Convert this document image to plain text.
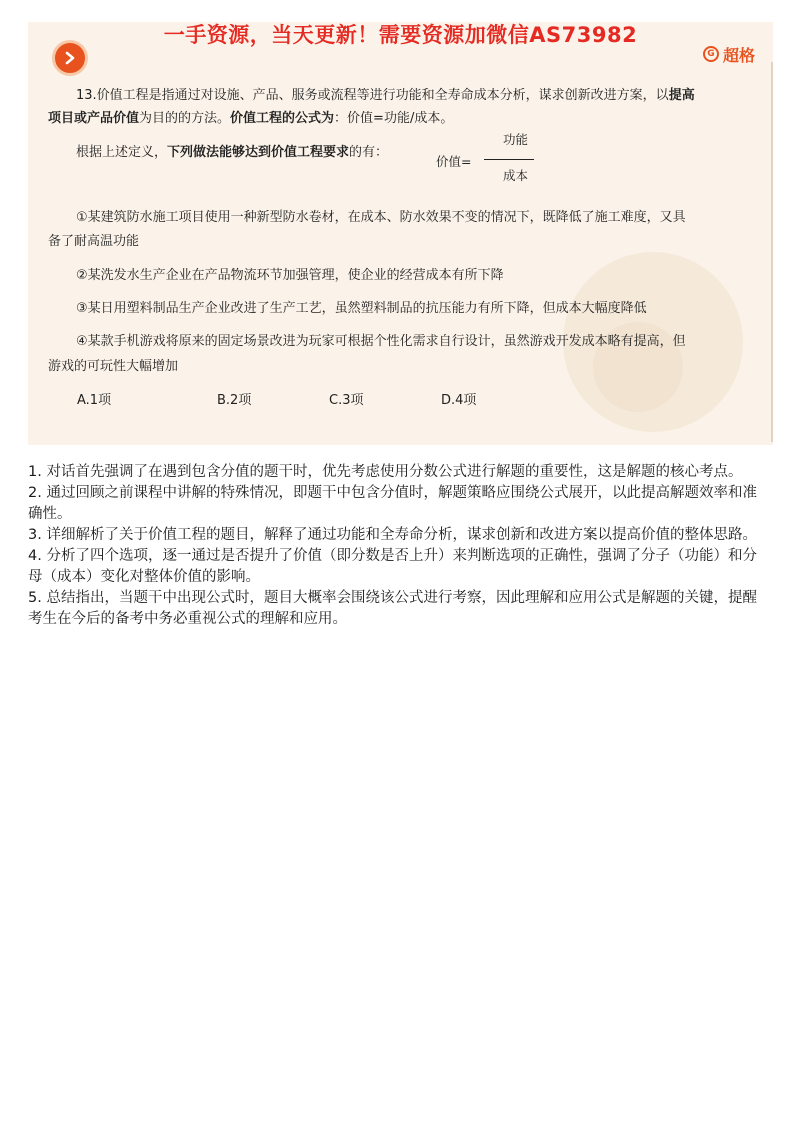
一手资源，当天更新！需要资源加微信AS73982
G 超格
13.价值工程是指通过对设施、产品、服务或流程等进行功能和全寿命成本分析，谋求创新改进方案，以提高
项目或产品价值为目的的方法。价值工程的公式为：价值=功能/成本。
根据上述定义，下列做法能够达到价值工程要求的有：
价值=
功能
成本
①某建筑防水施工项目使用一种新型防水卷材，在成本、防水效果不变的情况下，既降低了施工难度，又具
备了耐高温功能
②某洗发水生产企业在产品物流环节加强管理，使企业的经营成本有所下降
③某日用塑料制品生产企业改进了生产工艺，虽然塑料制品的抗压能力有所下降，但成本大幅度降低
④某款手机游戏将原来的固定场景改进为玩家可根据个性化需求自行设计，虽然游戏开发成本略有提高，但
游戏的可玩性大幅增加
A.1项	B.2项	C.3项	D.4项

1. 对话首先强调了在遇到包含分值的题干时，优先考虑使用分数公式进行解题的重要性，这是解题的核心考点。

2. 通过回顾之前课程中讲解的特殊情况，即题干中包含分值时，解题策略应围绕公式展开，以此提高解题效率和准确性。

3. 详细解析了关于价值工程的题目，解释了通过功能和全寿命分析，谋求创新和改进方案以提高价值的整体思路。

4. 分析了四个选项，逐一通过是否提升了价值（即分数是否上升）来判断选项的正确性，强调了分子（功能）和分母（成本）变化对整体价值的影响。

5. 总结指出，当题干中出现公式时，题目大概率会围绕该公式进行考察，因此理解和应用公式是解题的关键，提醒考生在今后的备考中务必重视公式的理解和应用。
